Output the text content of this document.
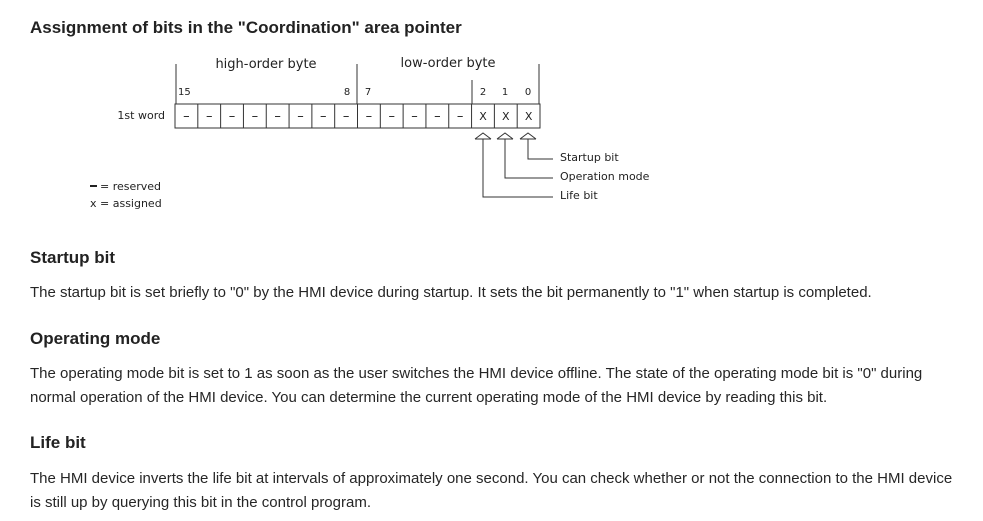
Assignment of bits in the "Coordination" area pointer
high-order byte	low-order byte
15	8 7	2 1 0
1st word – – – – – – – – – – – – – X X X
Startup bit
Operation mode
Life bit
= reserved
x = assigned
Startup bit

The startup bit is set briefly to "0" by the HMI device during startup. It sets the bit permanently to "1" when startup is completed.

Operating mode

The operating mode bit is set to 1 as soon as the user switches the HMI device offline. The state of the operating mode bit is "0" during normal operation of the HMI device. You can determine the current operating mode of the HMI device by reading this bit.

Life bit

The HMI device inverts the life bit at intervals of approximately one second. You can check whether or not the connection to the HMI device is still up by querying this bit in the control program.
